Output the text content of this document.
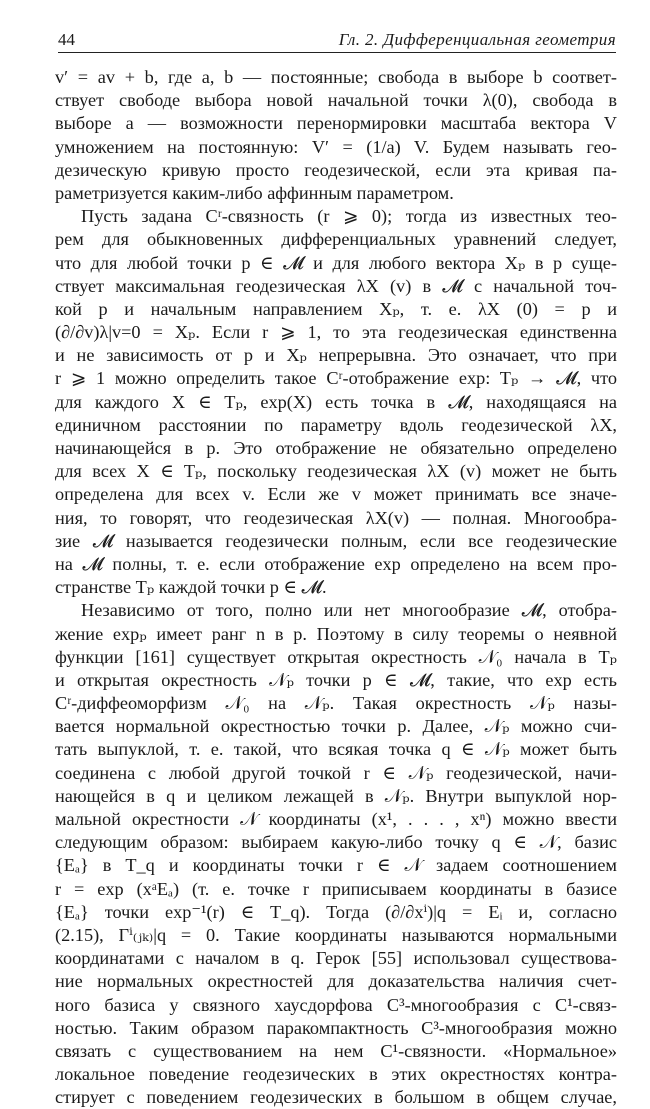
44	Гл. 2. Дифференциальная геометрия
v′ = av + b, где a, b — постоянные; свобода в выборе b соответ-
ствует свободе выбора новой начальной точки λ(0), свобода в
выборе a — возможности перенормировки масштаба вектора V
умножением на постоянную: V′ = (1/a) V. Будем называть гео-
дезическую кривую просто геодезической, если эта кривая па-
раметризуется каким-либо аффинным параметром.
Пусть задана Cʳ-связность (r ⩾ 0); тогда из известных тео-
рем для обыкновенных дифференциальных уравнений следует,
что для любой точки p ∈ 𝓜 и для любого вектора Xₚ в p суще-
ствует максимальная геодезическая λX (v) в 𝓜 с начальной точ-
кой p и начальным направлением Xₚ, т. е. λX (0) = p и
(∂/∂v)λ|v=0 = Xₚ. Если r ⩾ 1, то эта геодезическая единственна
и не зависимость от p и Xₚ непрерывна. Это означает, что при
r ⩾ 1 можно определить такое Cʳ-отображение exp: Tₚ → 𝓜, что
для каждого X ∈ Tₚ, exp(X) есть точка в 𝓜, находящаяся на
единичном расстоянии по параметру вдоль геодезической λX,
начинающейся в p. Это отображение не обязательно определено
для всех X ∈ Tₚ, поскольку геодезическая λX (v) может не быть
определена для всех v. Если же v может принимать все значе-
ния, то говорят, что геодезическая λX(v) — полная. Многообра-
зие 𝓜 называется геодезически полным, если все геодезические
на 𝓜 полны, т. е. если отображение exp определено на всем про-
странстве Tₚ каждой точки p ∈ 𝓜.
Независимо от того, полно или нет многообразие 𝓜, отобра-
жение expₚ имеет ранг n в p. Поэтому в силу теоремы о неявной
функции [161] существует открытая окрестность 𝒩₀ начала в Tₚ
и открытая окрестность 𝒩ₚ точки p ∈ 𝓜, такие, что exp есть
Cʳ-диффеоморфизм 𝒩₀ на 𝒩ₚ. Такая окрестность 𝒩ₚ назы-
вается нормальной окрестностью точки p. Далее, 𝒩ₚ можно счи-
тать выпуклой, т. е. такой, что всякая точка q ∈ 𝒩ₚ может быть
соединена с любой другой точкой r ∈ 𝒩ₚ геодезической, начи-
нающейся в q и целиком лежащей в 𝒩ₚ. Внутри выпуклой нор-
мальной окрестности 𝒩 координаты (x¹, . . . , xⁿ) можно ввести
следующим образом: выбираем какую-либо точку q ∈ 𝒩, базис
{Eₐ} в T_q и координаты точки r ∈ 𝒩 задаем соотношением
r = exp (xᵃEₐ) (т. е. точке r приписываем координаты в базисе
{Eₐ} точки exp⁻¹(r) ∈ T_q). Тогда (∂/∂xⁱ)|q = Eᵢ и, согласно
(2.15), Γⁱ₍ⱼₖ₎|q = 0. Такие координаты называются нормальными
координатами с началом в q. Герок [55] использовал существова-
ние нормальных окрестностей для доказательства наличия счет-
ного базиса у связного хаусдорфова C³-многообразия с C¹-связ-
ностью. Таким образом паракомпактность C³-многообразия можно
связать с существованием на нем C¹-связности. «Нормальное»
локальное поведение геодезических в этих окрестностях контра-
стирует с поведением геодезических в большом в общем случае,
